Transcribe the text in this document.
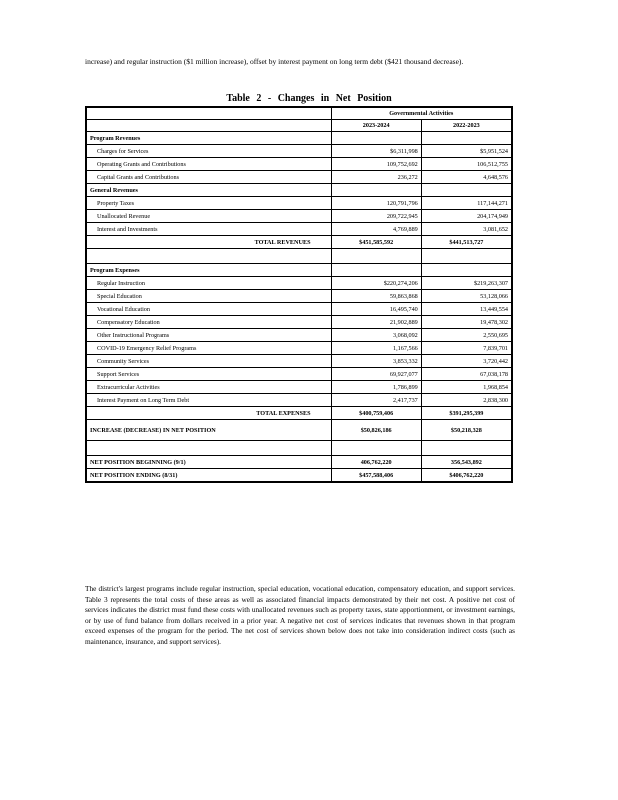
increase) and regular instruction ($1 million increase), offset by interest payment on long term debt ($421 thousand decrease).

Table 2 - Changes in Net Position
	Governmental Activities	
	2023-2024	2022-2023
Program Revenues		
Charges for Services	$6,311,998	$5,951,524
Operating Grants and Contributions	109,752,692	106,512,755
Capital Grants and Contributions	236,272	4,648,576
General Revenues		
Property Taxes	120,791,796	117,144,271
Unallocated Revenue	209,722,945	204,174,949
Interest and Investments	4,769,889	3,081,652
TOTAL REVENUES	$451,585,592	$441,513,727

Program Expenses		
Regular Instruction	$220,274,206	$219,263,307
Special Education	59,863,868	53,128,066
Vocational Education	16,495,740	13,449,554
Compensatory Education	21,902,889	19,478,302
Other Instructional Programs	3,068,092	2,550,695
COVID-19 Emergency Relief Programs	1,167,566	7,839,701
Community Services	3,853,332	3,720,442
Support Services	69,927,077	67,038,178
Extracurricular Activities	1,786,899	1,968,854
Interest Payment on Long Term Debt	2,417,737	2,838,300
TOTAL EXPENSES	$400,759,406	$391,295,399
INCREASE (DECREASE) IN NET POSITION	$50,826,186	$50,218,328

NET POSITION BEGINNING (9/1)	406,762,220	356,543,892
NET POSITION ENDING (8/31)	$457,588,406	$406,762,220

The district's largest programs include regular instruction, special education, vocational education, compensatory education, and support services. Table 3 represents the total costs of these areas as well as associated financial impacts demonstrated by their net cost. A positive net cost of services indicates the district must fund these costs with unallocated revenues such as property taxes, state apportionment, or investment earnings, or by use of fund balance from dollars received in a prior year. A negative net cost of services indicates that revenues shown in that program exceed expenses of the program for the period. The net cost of services shown below does not take into consideration indirect costs (such as maintenance, insurance, and support services).
